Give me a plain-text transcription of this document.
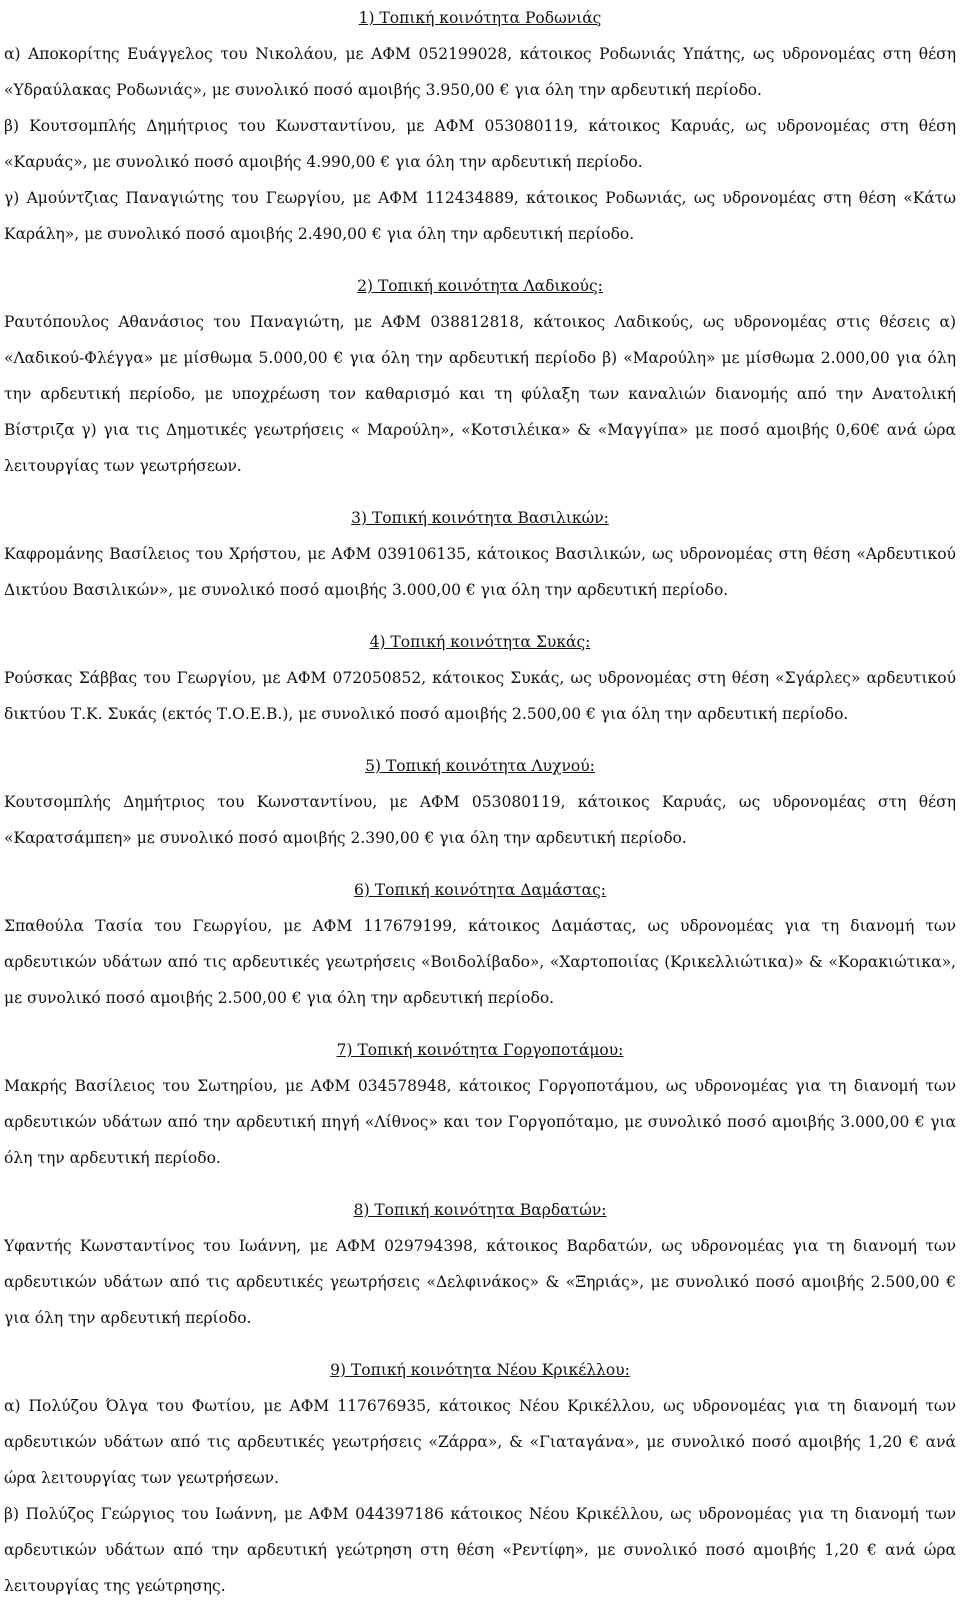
1) Τοπική κοινότητα Ροδωνιάς

α) Αποκορίτης Ευάγγελος του Νικολάου, με ΑΦΜ 052199028, κάτοικος Ροδωνιάς Υπάτης, ως υδρονομέας στη θέση «Υδραύλακας Ροδωνιάς», με συνολικό ποσό αμοιβής 3.950,00 € για όλη την αρδευτική περίοδο.

β) Κουτσομπλής Δημήτριος του Κωνσταντίνου, με ΑΦΜ 053080119, κάτοικος Καρυάς, ως υδρονομέας στη θέση «Καρυάς», με συνολικό ποσό αμοιβής 4.990,00 € για όλη την αρδευτική περίοδο.

γ) Αμούντζιας Παναγιώτης του Γεωργίου, με ΑΦΜ 112434889, κάτοικος Ροδωνιάς, ως υδρονομέας στη θέση «Κάτω Καράλη», με συνολικό ποσό αμοιβής 2.490,00 € για όλη την αρδευτική περίοδο.

2) Τοπική κοινότητα Λαδικούς:

Ραυτόπουλος Αθανάσιος του Παναγιώτη, με ΑΦΜ 038812818, κάτοικος Λαδικούς, ως υδρονομέας στις θέσεις α) «Λαδικού-Φλέγγα» με μίσθωμα 5.000,00 € για όλη την αρδευτική περίοδο β) «Μαρούλη» με μίσθωμα 2.000,00 για όλη την αρδευτική περίοδο, με υποχρέωση τον καθαρισμό και τη φύλαξη των καναλιών διανομής από την Ανατολική Βίστριζα γ) για τις Δημοτικές γεωτρήσεις « Μαρούλη», «Κοτσιλέικα» & «Μαγγίπα» με ποσό αμοιβής 0,60€ ανά ώρα λειτουργίας των γεωτρήσεων.

3) Τοπική κοινότητα Βασιλικών:

Καφρομάνης Βασίλειος του Χρήστου, με ΑΦΜ 039106135, κάτοικος Βασιλικών, ως υδρονομέας στη θέση «Αρδευτικού Δικτύου Βασιλικών», με συνολικό ποσό αμοιβής 3.000,00 € για όλη την αρδευτική περίοδο.

4) Τοπική κοινότητα Συκάς:

Ρούσκας Σάββας του Γεωργίου, με ΑΦΜ 072050852, κάτοικος Συκάς, ως υδρονομέας στη θέση «Σγάρλες» αρδευτικού δικτύου Τ.Κ. Συκάς (εκτός Τ.Ο.Ε.Β.), με συνολικό ποσό αμοιβής 2.500,00 € για όλη την αρδευτική περίοδο.

5) Τοπική κοινότητα Λυχνού:

Κουτσομπλής Δημήτριος του Κωνσταντίνου, με ΑΦΜ 053080119, κάτοικος Καρυάς, ως υδρονομέας στη θέση «Καρατσάμπεη» με συνολικό ποσό αμοιβής 2.390,00 € για όλη την αρδευτική περίοδο.

6) Τοπική κοινότητα Δαμάστας:

Σπαθούλα Τασία του Γεωργίου, με ΑΦΜ 117679199, κάτοικος Δαμάστας, ως υδρονομέας για τη διανομή των αρδευτικών υδάτων από τις αρδευτικές γεωτρήσεις «Βοιδολίβαδο», «Χαρτοποιίας (Κρικελλιώτικα)» & «Κορακιώτικα», με συνολικό ποσό αμοιβής 2.500,00 € για όλη την αρδευτική περίοδο.

7) Τοπική κοινότητα Γοργοποτάμου:

Μακρής Βασίλειος του Σωτηρίου, με ΑΦΜ 034578948, κάτοικος Γοργοποτάμου, ως υδρονομέας για τη διανομή των αρδευτικών υδάτων από την αρδευτική πηγή «Λίθνος» και τον Γοργοπόταμο, με συνολικό ποσό αμοιβής 3.000,00 € για όλη την αρδευτική περίοδο.

8) Τοπική κοινότητα Βαρδατών:

Υφαντής Κωνσταντίνος του Ιωάννη, με ΑΦΜ 029794398, κάτοικος Βαρδατών, ως υδρονομέας για τη διανομή των αρδευτικών υδάτων από τις αρδευτικές γεωτρήσεις «Δελφινάκος» & «Ξηριάς», με συνολικό ποσό αμοιβής 2.500,00 € για όλη την αρδευτική περίοδο.

9) Τοπική κοινότητα Νέου Κρικέλλου:

α) Πολύζου Όλγα του Φωτίου, με ΑΦΜ 117676935, κάτοικος Νέου Κρικέλλου, ως υδρονομέας για τη διανομή των αρδευτικών υδάτων από τις αρδευτικές γεωτρήσεις «Ζάρρα», & «Γιαταγάνα», με συνολικό ποσό αμοιβής 1,20 € ανά ώρα λειτουργίας των γεωτρήσεων.

β) Πολύζος Γεώργιος του Ιωάννη, με ΑΦΜ 044397186 κάτοικος Νέου Κρικέλλου, ως υδρονομέας για τη διανομή των αρδευτικών υδάτων από την αρδευτική γεώτρηση στη θέση «Ρεντίφη», με συνολικό ποσό αμοιβής 1,20 € ανά ώρα λειτουργίας της γεώτρησης.
